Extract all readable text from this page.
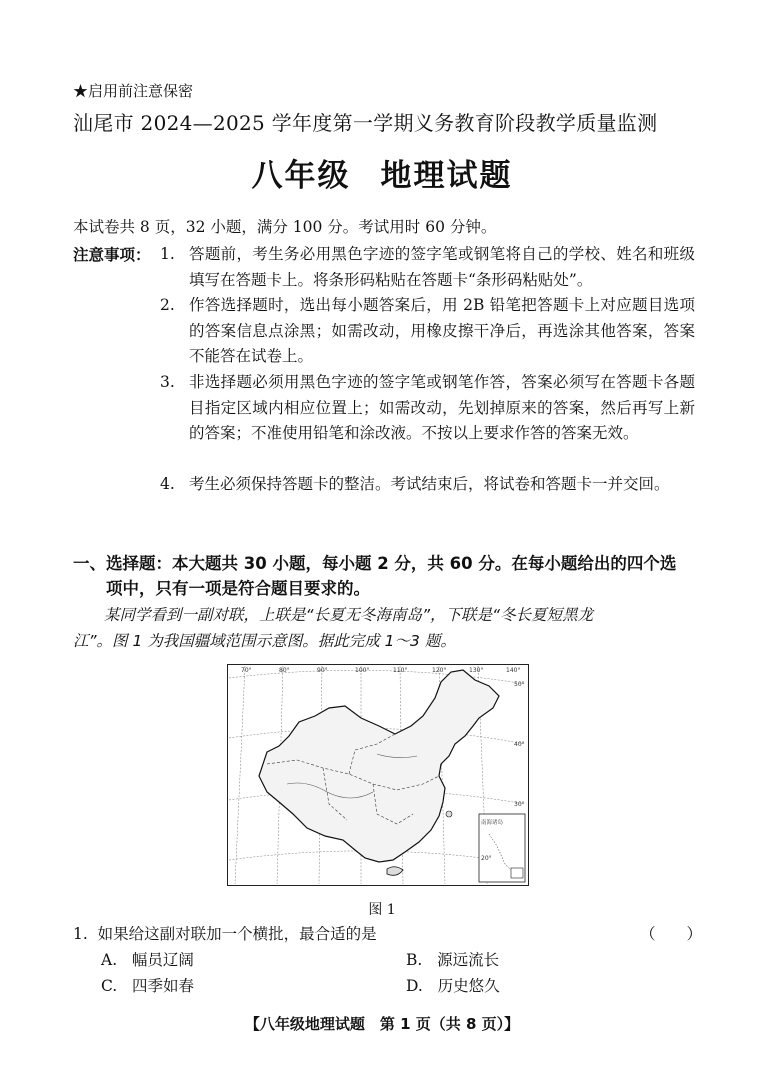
★启用前注意保密
汕尾市 2024—2025 学年度第一学期义务教育阶段教学质量监测
八年级 地理试题
本试卷共 8 页，32 小题，满分 100 分。考试用时 60 分钟。
注意事项： 1. 答题前，考生务必用黑色字迹的签字笔或钢笔将自己的学校、姓名和班级填写在答题卡上。将条形码粘贴在答题卡“条形码粘贴处”。
2. 作答选择题时，选出每小题答案后，用 2B 铅笔把答题卡上对应题目选项的答案信息点涂黑；如需改动，用橡皮擦干净后，再选涂其他答案，答案不能答在试卷上。
3. 非选择题必须用黑色字迹的签字笔或钢笔作答，答案必须写在答题卡各题目指定区域内相应位置上；如需改动，先划掉原来的答案，然后再写上新的答案；不准使用铅笔和涂改液。不按以上要求作答的答案无效。
4. 考生必须保持答题卡的整洁。考试结束后，将试卷和答题卡一并交回。
一、选择题：本大题共 30 小题，每小题 2 分，共 60 分。在每小题给出的四个选
项中，只有一项是符合题目要求的。
某同学看到一副对联，上联是“长夏无冬海南岛”，下联是“冬长夏短黑龙
江”。图 1 为我国疆域范围示意图。据此完成 1～3 题。
70°	80°	90°	100°	110°	120°	130°	140°
50°
40°
30°
20°
南海诸岛
图 1
1. 如果给这副对联加一个横批，最合适的是	（　　）
A. 幅员辽阔	B. 源远流长
C. 四季如春	D. 历史悠久
【八年级地理试题　第 1 页（共 8 页）】
